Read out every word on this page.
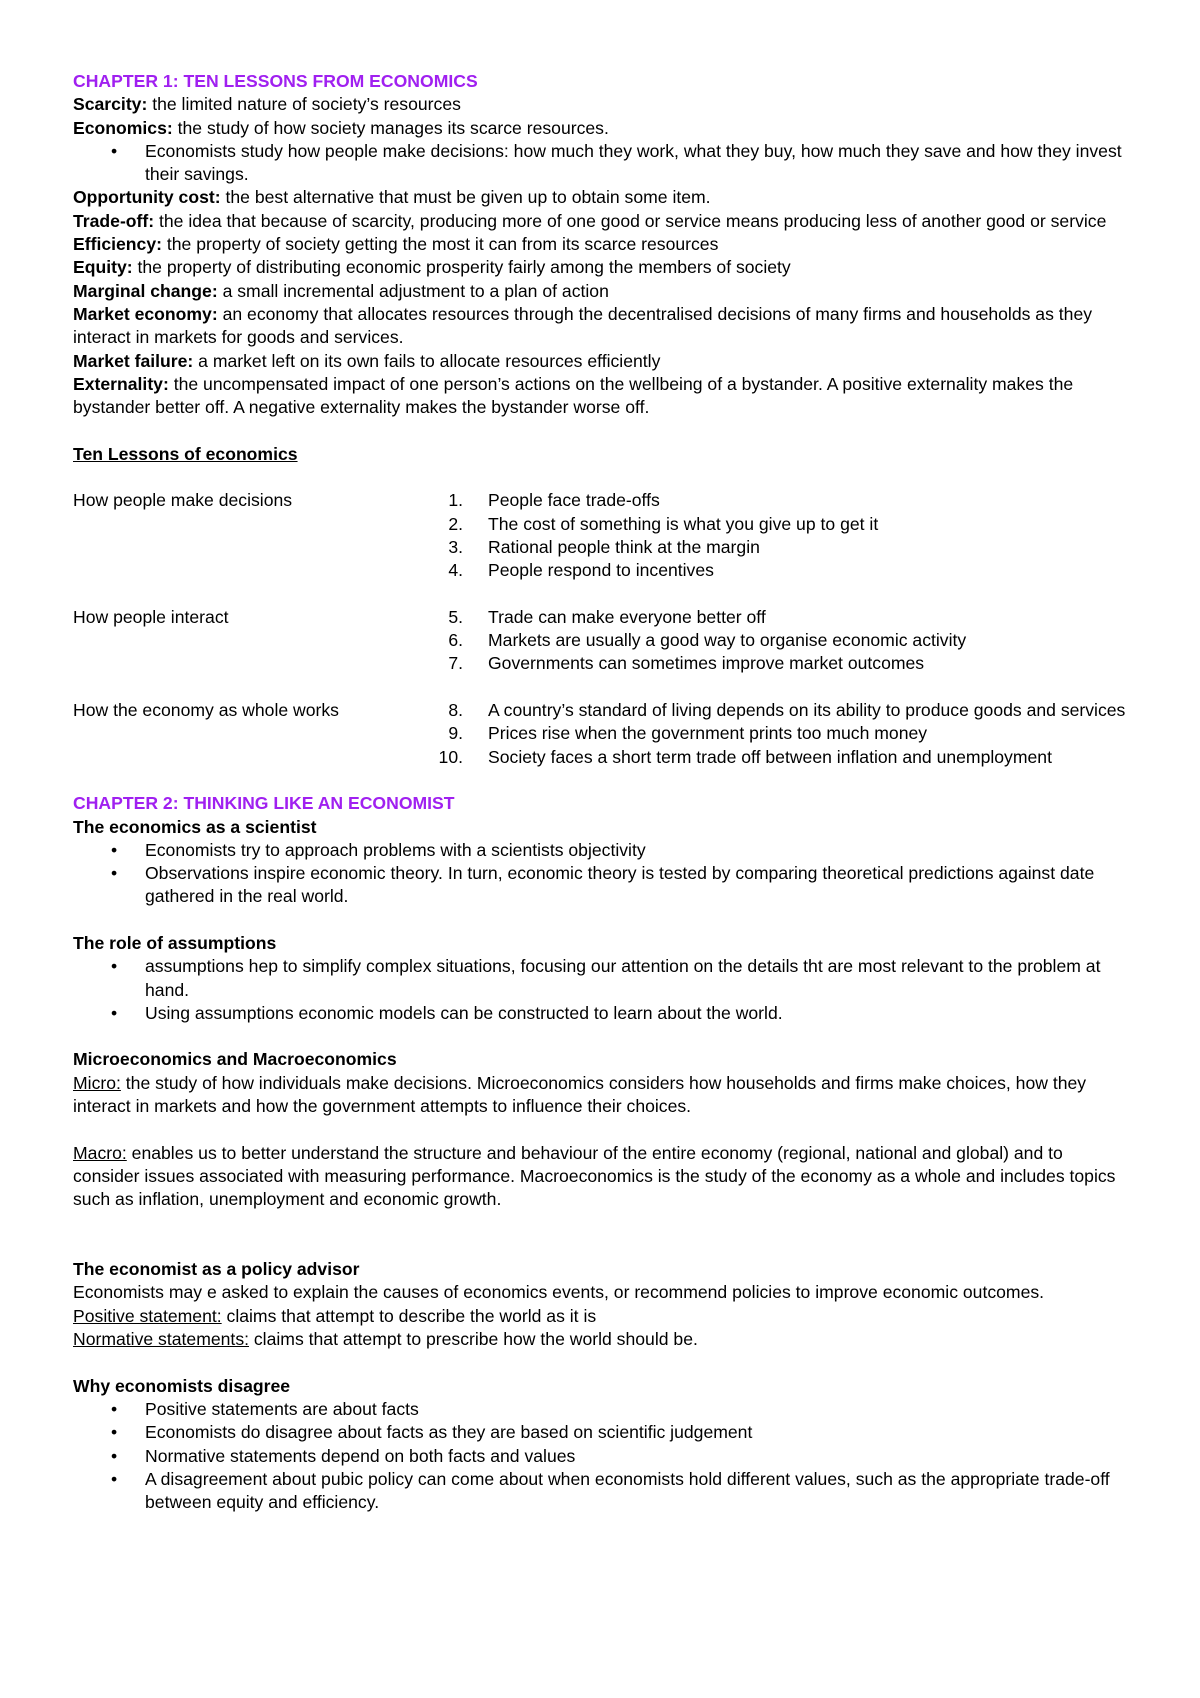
CHAPTER 1: TEN LESSONS FROM ECONOMICS
Scarcity: the limited nature of society’s resources
Economics: the study of how society manages its scarce resources.
• Economists study how people make decisions: how much they work, what they buy, how much they save and how they invest their savings.
Opportunity cost: the best alternative that must be given up to obtain some item.
Trade-off: the idea that because of scarcity, producing more of one good or service means producing less of another good or service
Efficiency: the property of society getting the most it can from its scarce resources
Equity: the property of distributing economic prosperity fairly among the members of society
Marginal change: a small incremental adjustment to a plan of action
Market economy: an economy that allocates resources through the decentralised decisions of many firms and households as they interact in markets for goods and services.
Market failure: a market left on its own fails to allocate resources efficiently
Externality: the uncompensated impact of one person’s actions on the wellbeing of a bystander. A positive externality makes the bystander better off. A negative externality makes the bystander worse off.
Ten Lessons of economics
How people make decisions	1. People face trade-offs
2. The cost of something is what you give up to get it
3. Rational people think at the margin
4. People respond to incentives
How people interact	5. Trade can make everyone better off
6. Markets are usually a good way to organise economic activity
7. Governments can sometimes improve market outcomes
How the economy as whole works	8. A country’s standard of living depends on its ability to produce goods and services
9. Prices rise when the government prints too much money
10. Society faces a short term trade off between inflation and unemployment
CHAPTER 2: THINKING LIKE AN ECONOMIST
The economics as a scientist
• Economists try to approach problems with a scientists objectivity
• Observations inspire economic theory. In turn, economic theory is tested by comparing theoretical predictions against date gathered in the real world.
The role of assumptions
• assumptions hep to simplify complex situations, focusing our attention on the details tht are most relevant to the problem at hand.
• Using assumptions economic models can be constructed to learn about the world.
Microeconomics and Macroeconomics
Micro: the study of how individuals make decisions. Microeconomics considers how households and firms make choices, how they interact in markets and how the government attempts to influence their choices.
Macro: enables us to better understand the structure and behaviour of the entire economy (regional, national and global) and to consider issues associated with measuring performance. Macroeconomics is the study of the economy as a whole and includes topics such as inflation, unemployment and economic growth.
The economist as a policy advisor
Economists may e asked to explain the causes of economics events, or recommend policies to improve economic outcomes.
Positive statement: claims that attempt to describe the world as it is
Normative statements: claims that attempt to prescribe how the world should be.
Why economists disagree
• Positive statements are about facts
• Economists do disagree about facts as they are based on scientific judgement
• Normative statements depend on both facts and values
• A disagreement about pubic policy can come about when economists hold different values, such as the appropriate trade-off between equity and efficiency.
